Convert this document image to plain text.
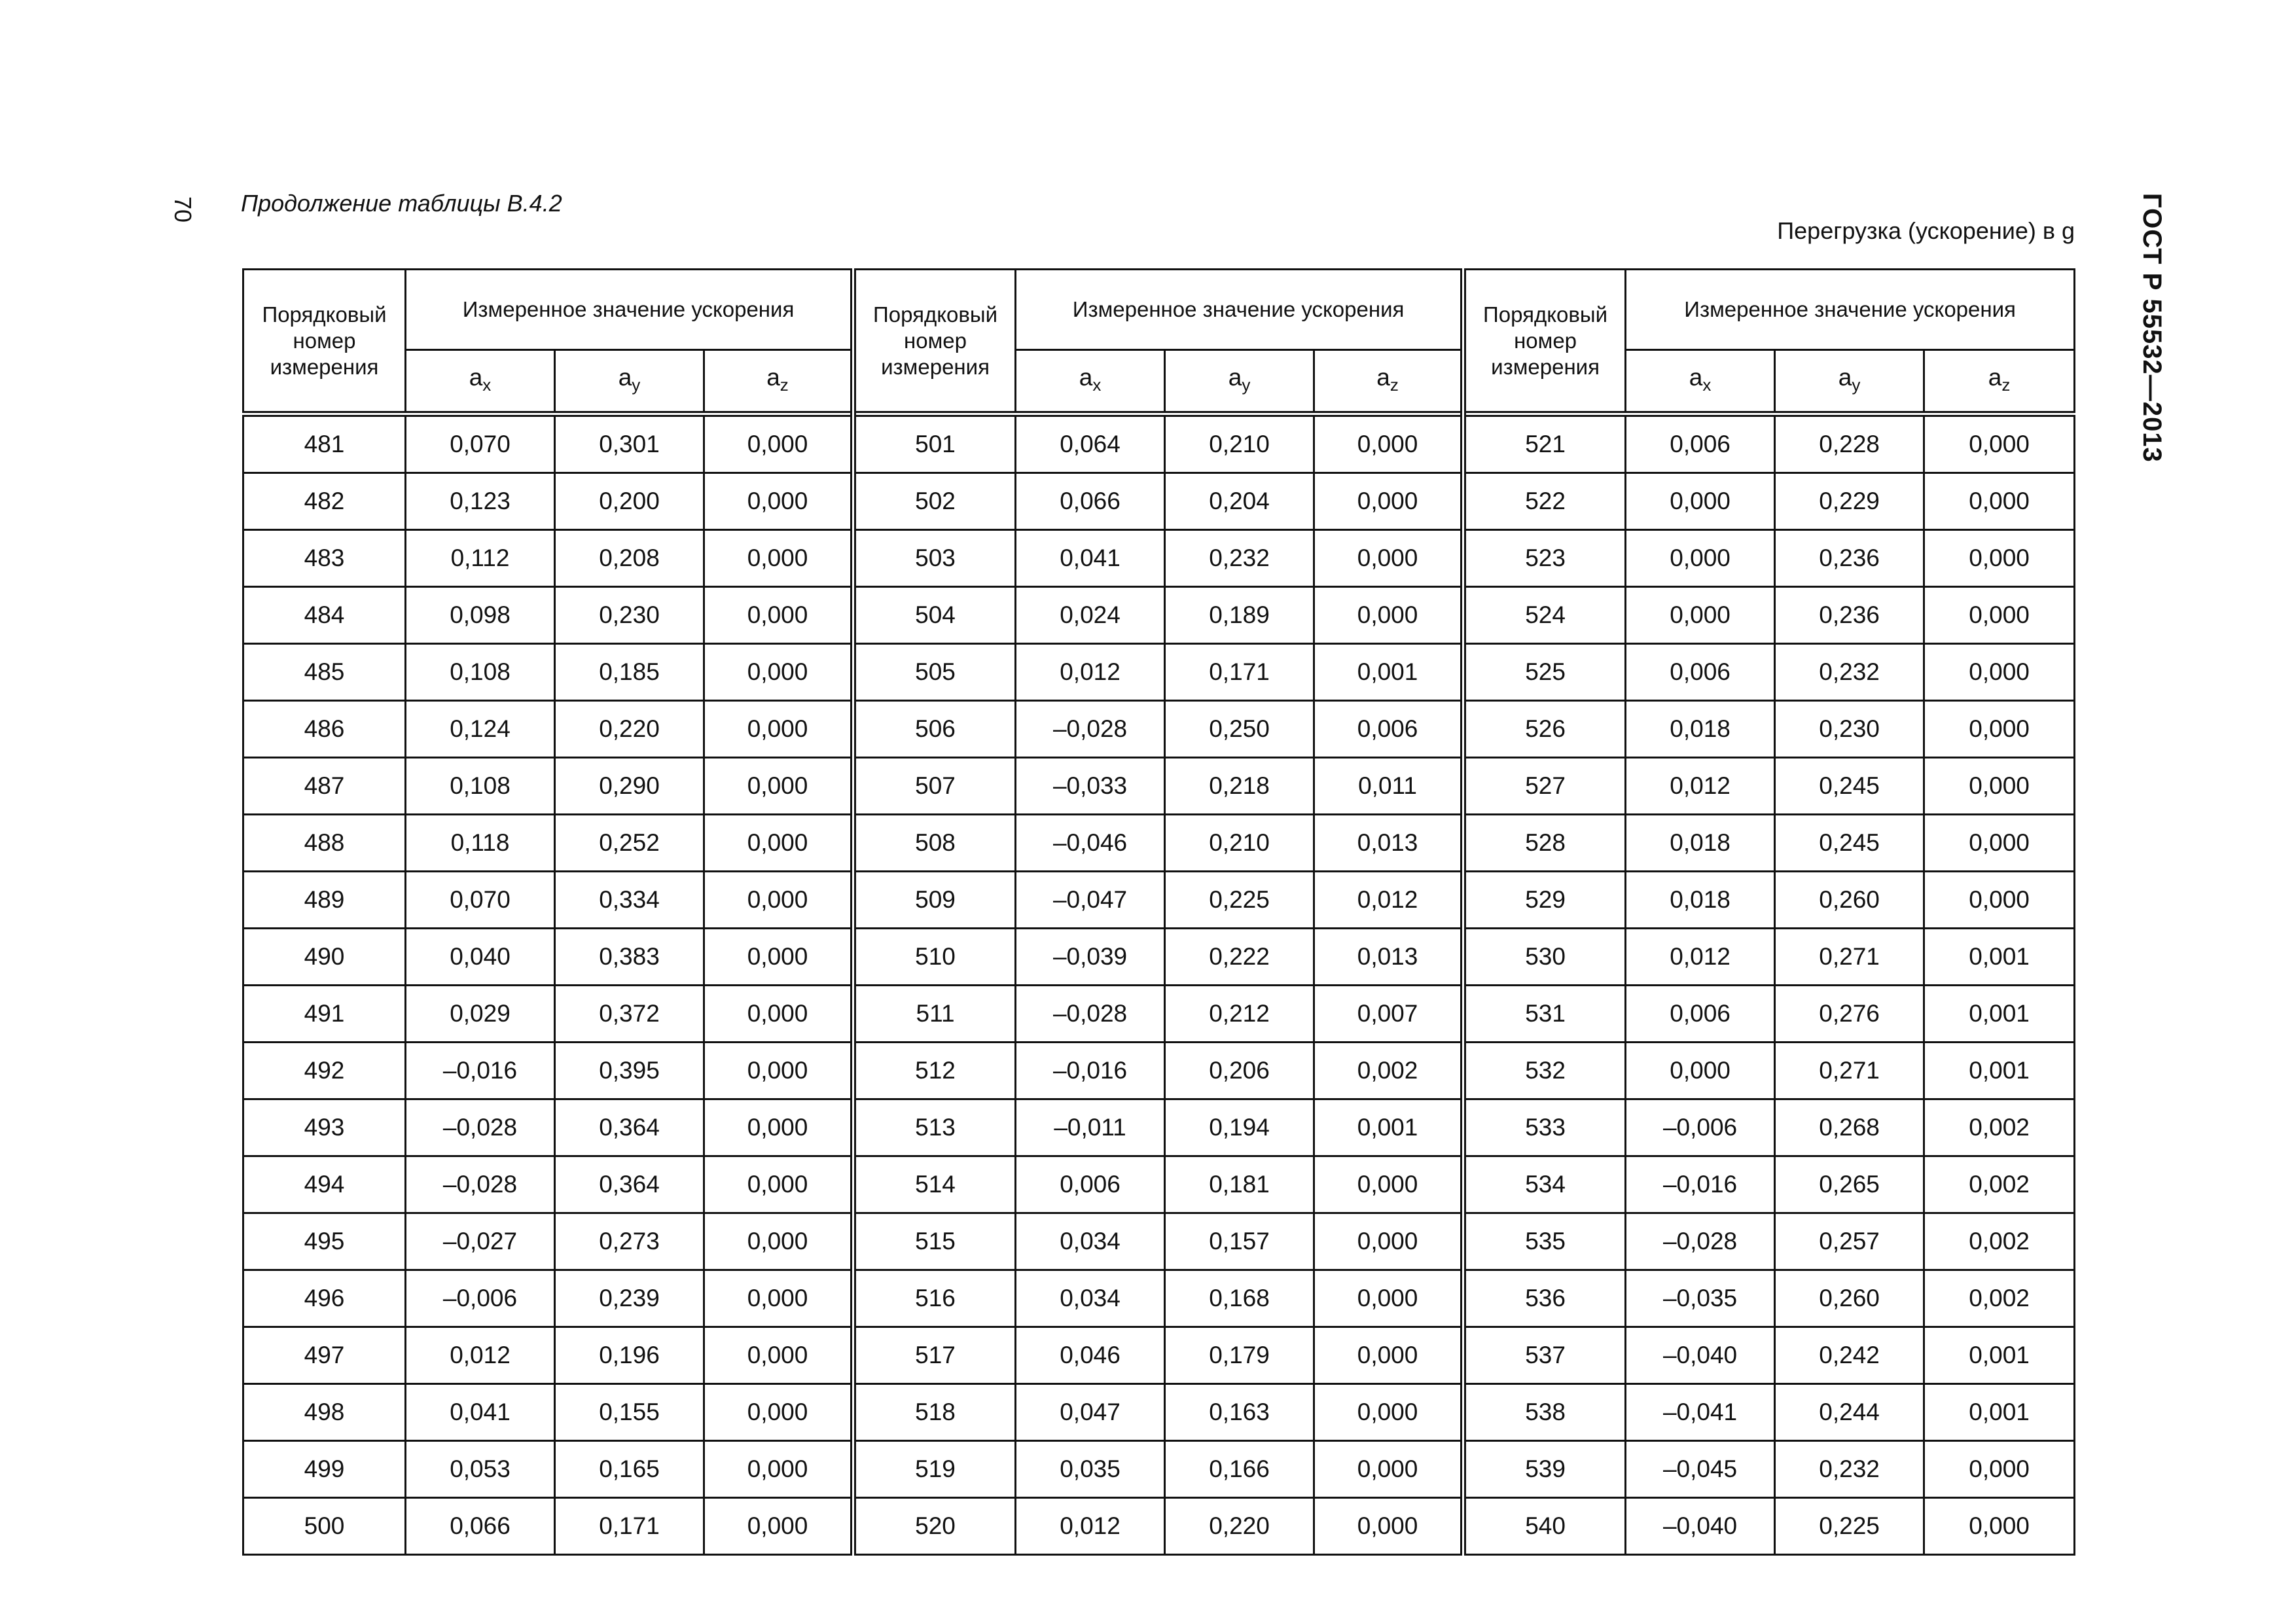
70 Продолжение таблицы В.4.2
Перегрузка (ускорение) в g ГОСТ Р 55532—2013
Порядковый номер измерения	Измеренное значение ускорения			Порядковый номер измерения	Измеренное значение ускорения			Порядковый номер измерения	Измеренное значение ускорения		
	$a_x$	$a_y$	$a_z$		$a_x$	$a_y$	$a_z$		$a_x$	$a_y$	$a_z$
481	0,070	0,301	0,000	501	0,064	0,210	0,000	521	0,006	0,228	0,000
482	0,123	0,200	0,000	502	0,066	0,204	0,000	522	0,000	0,229	0,000
483	0,112	0,208	0,000	503	0,041	0,232	0,000	523	0,000	0,236	0,000
484	0,098	0,230	0,000	504	0,024	0,189	0,000	524	0,000	0,236	0,000
485	0,108	0,185	0,000	505	0,012	0,171	0,001	525	0,006	0,232	0,000
486	0,124	0,220	0,000	506	–0,028	0,250	0,006	526	0,018	0,230	0,000
487	0,108	0,290	0,000	507	–0,033	0,218	0,011	527	0,012	0,245	0,000
488	0,118	0,252	0,000	508	–0,046	0,210	0,013	528	0,018	0,245	0,000
489	0,070	0,334	0,000	509	–0,047	0,225	0,012	529	0,018	0,260	0,000
490	0,040	0,383	0,000	510	–0,039	0,222	0,013	530	0,012	0,271	0,001
491	0,029	0,372	0,000	511	–0,028	0,212	0,007	531	0,006	0,276	0,001
492	–0,016	0,395	0,000	512	–0,016	0,206	0,002	532	0,000	0,271	0,001
493	–0,028	0,364	0,000	513	–0,011	0,194	0,001	533	–0,006	0,268	0,002
494	–0,028	0,364	0,000	514	0,006	0,181	0,000	534	–0,016	0,265	0,002
495	–0,027	0,273	0,000	515	0,034	0,157	0,000	535	–0,028	0,257	0,002
496	–0,006	0,239	0,000	516	0,034	0,168	0,000	536	–0,035	0,260	0,002
497	0,012	0,196	0,000	517	0,046	0,179	0,000	537	–0,040	0,242	0,001
498	0,041	0,155	0,000	518	0,047	0,163	0,000	538	–0,041	0,244	0,001
499	0,053	0,165	0,000	519	0,035	0,166	0,000	539	–0,045	0,232	0,000
500	0,066	0,171	0,000	520	0,012	0,220	0,000	540	–0,040	0,225	0,000
